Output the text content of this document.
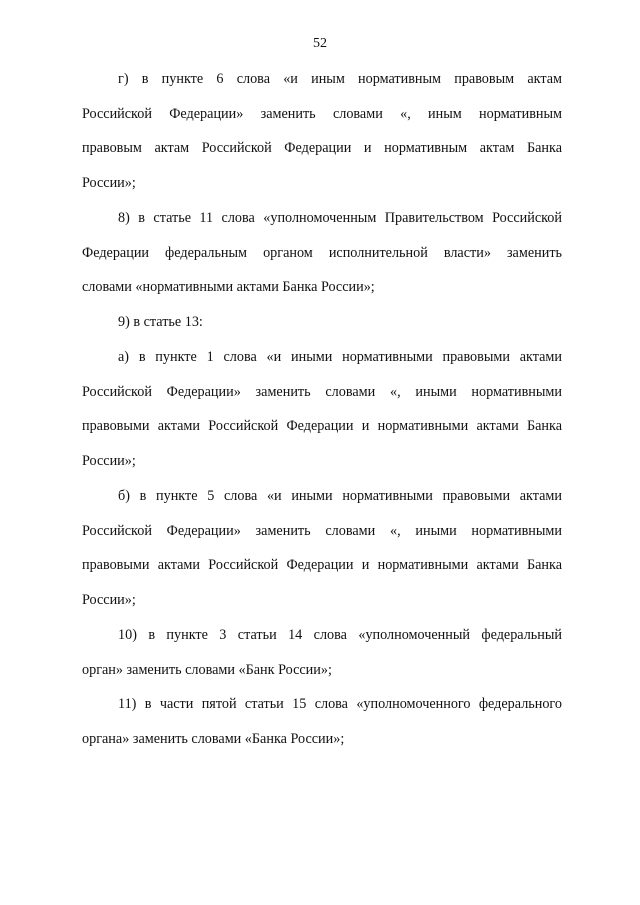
52
г) в пункте 6 слова «и иным нормативным правовым актам
Российской Федерации» заменить словами «, иным нормативным
правовым актам Российской Федерации и нормативным актам Банка
России»;
8) в статье 11 слова «уполномоченным Правительством Российской
Федерации федеральным органом исполнительной власти» заменить
словами «нормативными актами Банка России»;
9) в статье 13:
а) в пункте 1 слова «и иными нормативными правовыми актами
Российской Федерации» заменить словами «, иными нормативными
правовыми актами Российской Федерации и нормативными актами Банка
России»;
б) в пункте 5 слова «и иными нормативными правовыми актами
Российской Федерации» заменить словами «, иными нормативными
правовыми актами Российской Федерации и нормативными актами Банка
России»;
10) в пункте 3 статьи 14 слова «уполномоченный федеральный
орган» заменить словами «Банк России»;
11) в части пятой статьи 15 слова «уполномоченного федерального
органа» заменить словами «Банка России»;
